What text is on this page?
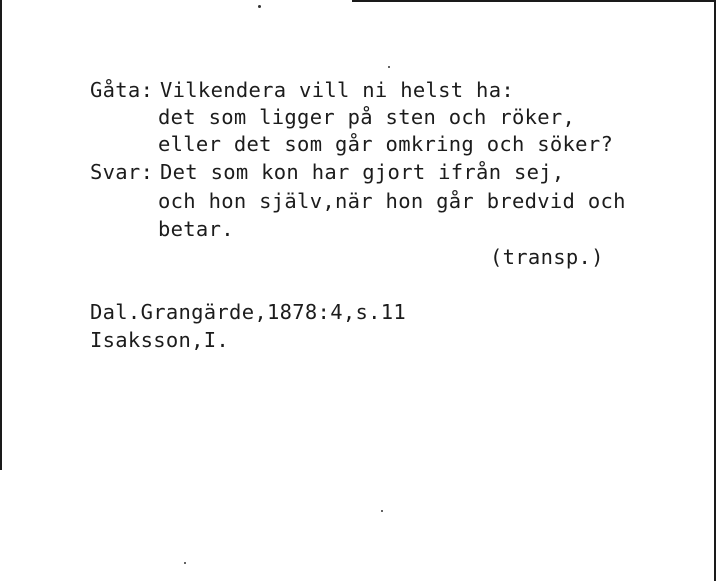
Gåta: Vilkendera vill ni helst ha:
det som ligger på sten och röker,
eller det som går omkring och söker?
Svar: Det som kon har gjort ifrån sej,
och hon själv,när hon går bredvid och
betar.
(transp.)
Dal.Grangärde,1878:4,s.11
Isaksson,I.
